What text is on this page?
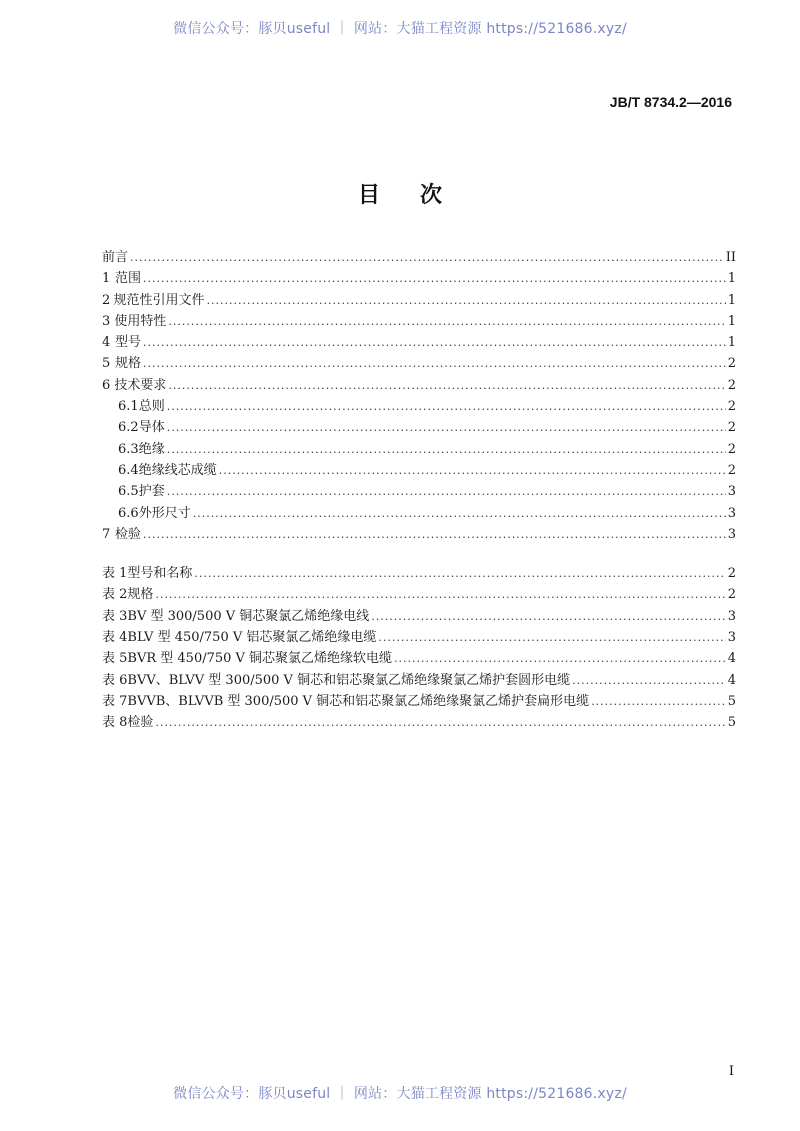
微信公众号：豚贝useful ｜ 网站：大猫工程资源 https://521686.xyz/
JB/T 8734.2—2016
目次
前言 .....	II
1 范围 .....	1
2 规范性引用文件 .....	1
3 使用特性 .....	1
4 型号 .....	1
5 规格 .....	2
6 技术要求 .....	2
6.1 总则 .....	2
6.2 导体 .....	2
6.3 绝缘 .....	2
6.4 绝缘线芯成缆 .....	2
6.5 护套 .....	3
6.6 外形尺寸 .....	3
7 检验 .....	3
表 1 型号和名称 .....	2
表 2 规格 .....	2
表 3 BV 型 300/500 V 铜芯聚氯乙烯绝缘电线 .....	3
表 4 BLV 型 450/750 V 铝芯聚氯乙烯绝缘电缆 .....	3
表 5 BVR 型 450/750 V 铜芯聚氯乙烯绝缘软电缆 .....	4
表 6 BVV、BLVV 型 300/500 V 铜芯和铝芯聚氯乙烯绝缘聚氯乙烯护套圆形电缆 .....	4
表 7 BVVB、BLVVB 型 300/500 V 铜芯和铝芯聚氯乙烯绝缘聚氯乙烯护套扁形电缆 .....	5
表 8 检验 .....	5
I
微信公众号：豚贝useful ｜ 网站：大猫工程资源 https://521686.xyz/
